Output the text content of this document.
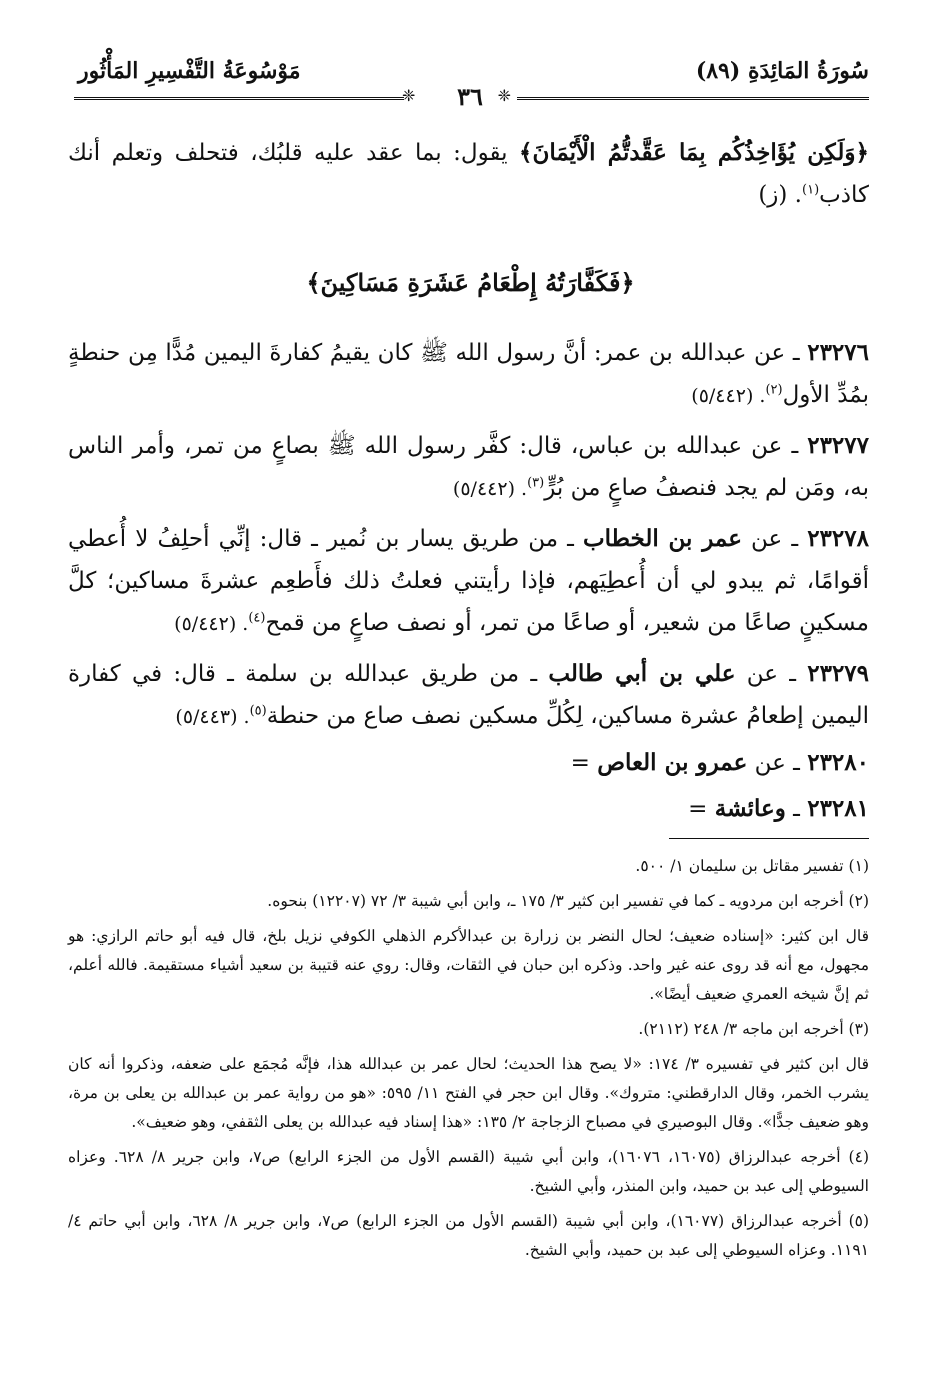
سُورَةُ المَائِدَةِ (٨٩)
مَوْسُوعَةُ التَّفْسِيرِ المَأْثُور
❈
❈	٣٦

﴿وَلَكِن يُؤَاخِذُكُم بِمَا عَقَّدتُّمُ الْأَيْمَانَ﴾ يقول: بما عقد عليه قلبُك، فتحلف وتعلم أنك كاذب$^{(١)}$. (ز)

﴿فَكَفَّارَتُهُ إِطْعَامُ عَشَرَةِ مَسَاكِينَ﴾

٢٣٢٧٦ ـ عن عبدالله بن عمر: أنَّ رسول الله ﷺ كان يقيمُ كفارةَ اليمين مُدًّا مِن حنطةٍ بمُدِّ الأول$^{(٢)}$. (٥/٤٤٢)

٢٣٢٧٧ ـ عن عبدالله بن عباس، قال: كفَّر رسول الله ﷺ بصاعٍ من تمر، وأمر الناس به، ومَن لم يجد فنصفُ صاعٍ من بُرٍّ$^{(٣)}$. (٥/٤٤٢)

٢٣٢٧٨ ـ عن عمر بن الخطاب ـ من طريق يسار بن نُمير ـ قال: إنِّي أحلِفُ لا أُعطي أقوامًا، ثم يبدو لي أن أُعطِيَهم، فإذا رأيتني فعلتُ ذلك فأَطعِم عشرةَ مساكين؛ كلَّ مسكينٍ صاعًا من شعير، أو صاعًا من تمر، أو نصف صاعٍ من قمح$^{(٤)}$. (٥/٤٤٢)

٢٣٢٧٩ ـ عن علي بن أبي طالب ـ من طريق عبدالله بن سلمة ـ قال: في كفارة اليمين إطعامُ عشرة مساكين، لِكُلِّ مسكين نصف صاع من حنطة$^{(٥)}$. (٥/٤٤٣)

٢٣٢٨٠ ـ عن عمرو بن العاص =

٢٣٢٨١ ـ وعائشة =

(١) تفسير مقاتل بن سليمان ١/ ٥٠٠.

(٢) أخرجه ابن مردويه ـ كما في تفسير ابن كثير ٣/ ١٧٥ ـ، وابن أبي شيبة ٣/ ٧٢ (١٢٢٠٧) بنحوه.

قال ابن كثير: «إسناده ضعيف؛ لحال النضر بن زرارة بن عبدالأكرم الذهلي الكوفي نزيل بلخ، قال فيه أبو حاتم الرازي: هو مجهول، مع أنه قد روى عنه غير واحد. وذكره ابن حبان في الثقات، وقال: روي عنه قتيبة بن سعيد أشياء مستقيمة. فالله أعلم، ثم إنَّ شيخه العمري ضعيف أيضًا».

(٣) أخرجه ابن ماجه ٣/ ٢٤٨ (٢١١٢).

قال ابن كثير في تفسيره ٣/ ١٧٤: «لا يصح هذا الحديث؛ لحال عمر بن عبدالله هذا، فإنَّه مُجمَع على ضعفه، وذكروا أنه كان يشرب الخمر، وقال الدارقطني: متروك». وقال ابن حجر في الفتح ١١/ ٥٩٥: «هو من رواية عمر بن عبدالله بن يعلى بن مرة، وهو ضعيف جدًّا». وقال البوصيري في مصباح الزجاجة ٢/ ١٣٥: «هذا إسناد فيه عبدالله بن يعلى الثقفي، وهو ضعيف».

(٤) أخرجه عبدالرزاق (١٦٠٧٥، ١٦٠٧٦)، وابن أبي شيبة (القسم الأول من الجزء الرابع) ص٧، وابن جرير ٨/ ٦٢٨. وعزاه السيوطي إلى عبد بن حميد، وابن المنذر، وأبي الشيخ.

(٥) أخرجه عبدالرزاق (١٦٠٧٧)، وابن أبي شيبة (القسم الأول من الجزء الرابع) ص٧، وابن جرير ٨/ ٦٢٨، وابن أبي حاتم ٤/ ١١٩١. وعزاه السيوطي إلى عبد بن حميد، وأبي الشيخ.
